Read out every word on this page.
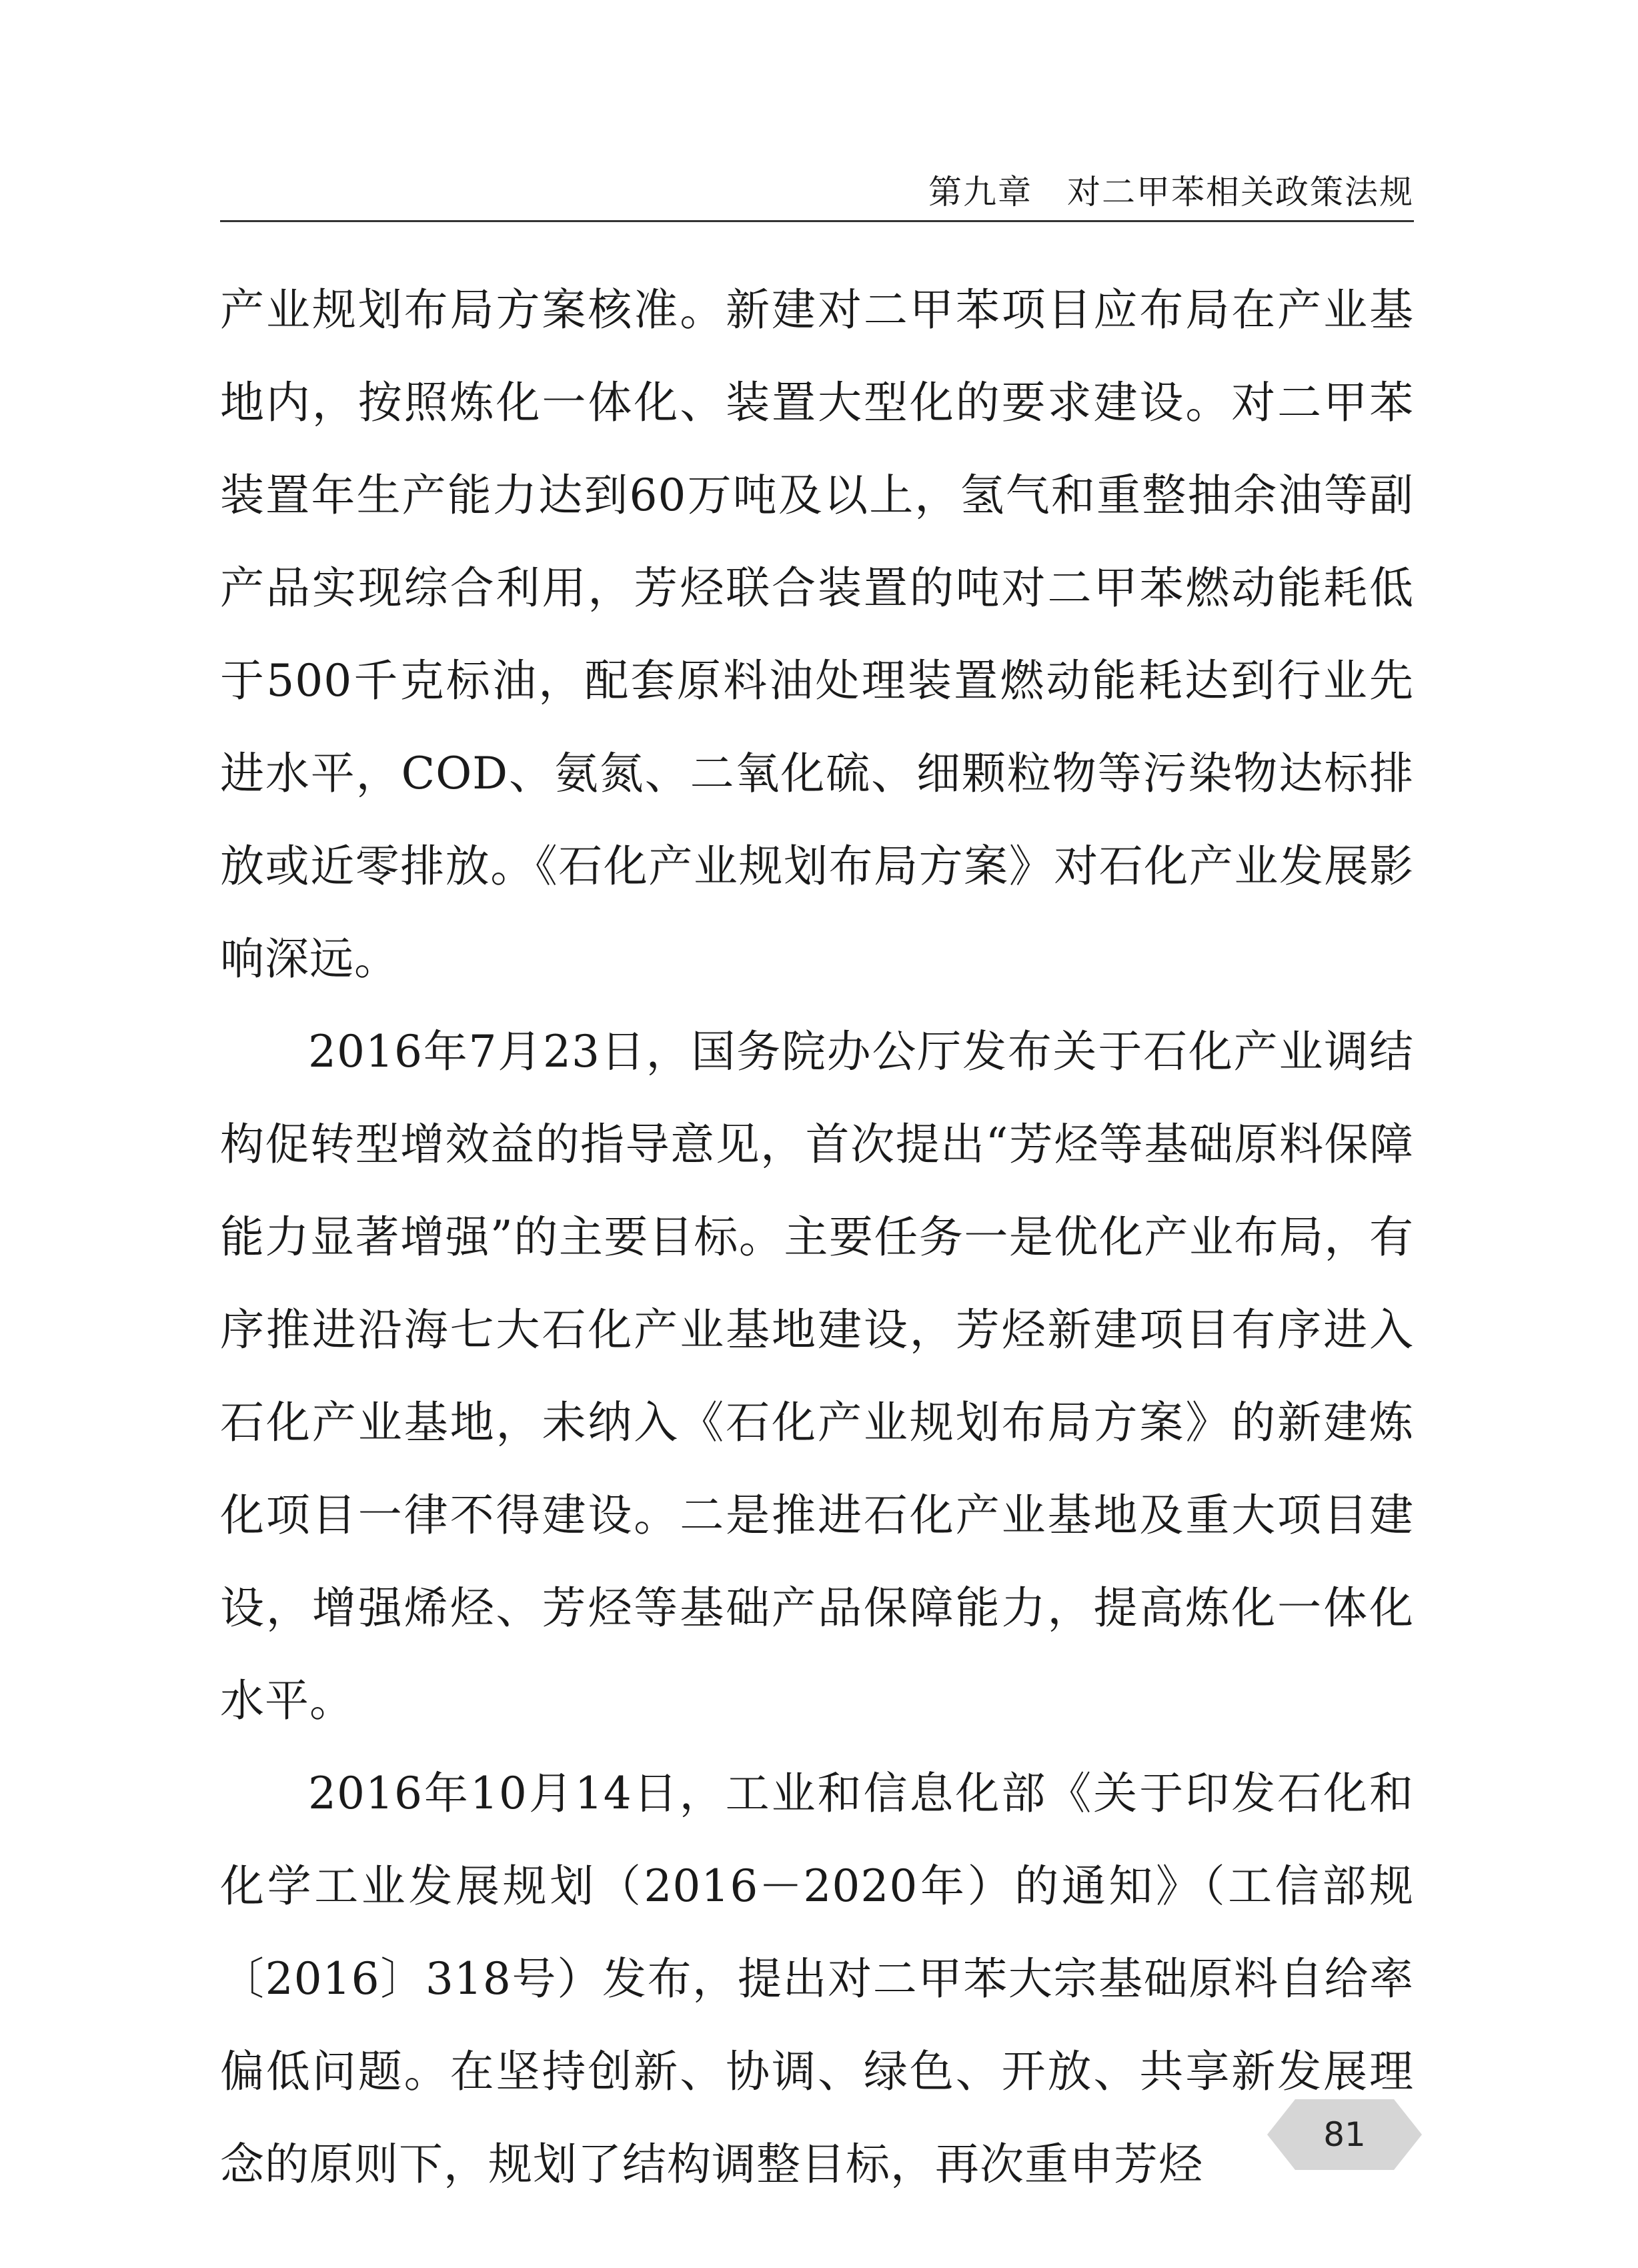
第九章　对二甲苯相关政策法规

产业规划布局方案核准。新建对二甲苯项目应布局在产业基地内，按照炼化一体化、装置大型化的要求建设。对二甲苯装置年生产能力达到60万吨及以上，氢气和重整抽余油等副产品实现综合利用，芳烃联合装置的吨对二甲苯燃动能耗低于500千克标油，配套原料油处理装置燃动能耗达到行业先进水平，COD、氨氮、二氧化硫、细颗粒物等污染物达标排放或近零排放。《石化产业规划布局方案》对石化产业发展影响深远。

2016年7月23日，国务院办公厅发布关于石化产业调结构促转型增效益的指导意见，首次提出“芳烃等基础原料保障能力显著增强”的主要目标。主要任务一是优化产业布局，有序推进沿海七大石化产业基地建设，芳烃新建项目有序进入石化产业基地，未纳入《石化产业规划布局方案》的新建炼化项目一律不得建设。二是推进石化产业基地及重大项目建设，增强烯烃、芳烃等基础产品保障能力，提高炼化一体化水平。

2016年10月14日，工业和信息化部《关于印发石化和化学工业发展规划（2016－2020年）的通知》（工信部规〔2016〕318号）发布，提出对二甲苯大宗基础原料自给率偏低问题。在坚持创新、协调、绿色、开放、共享新发展理念的原则下，规划了结构调整目标，再次重申芳烃

81
